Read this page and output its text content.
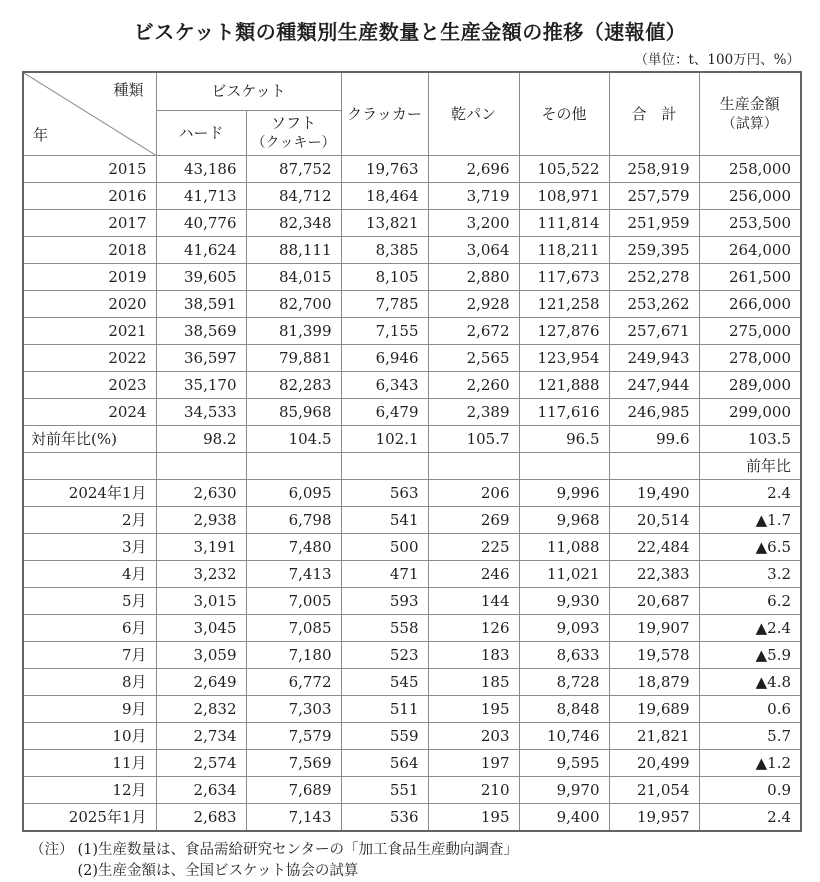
ビスケット類の種類別生産数量と生産金額の推移（速報値）
（単位：t、100万円、%）
種類
年	ビスケット		クラッカー	乾パン	その他	合　計	生産金額
（試算）
	ハード	ソフト
（クッキー）					
2015	43,186	87,752	19,763	2,696	105,522	258,919	258,000
2016	41,713	84,712	18,464	3,719	108,971	257,579	256,000
2017	40,776	82,348	13,821	3,200	111,814	251,959	253,500
2018	41,624	88,111	8,385	3,064	118,211	259,395	264,000
2019	39,605	84,015	8,105	2,880	117,673	252,278	261,500
2020	38,591	82,700	7,785	2,928	121,258	253,262	266,000
2021	38,569	81,399	7,155	2,672	127,876	257,671	275,000
2022	36,597	79,881	6,946	2,565	123,954	249,943	278,000
2023	35,170	82,283	6,343	2,260	121,888	247,944	289,000
2024	34,533	85,968	6,479	2,389	117,616	246,985	299,000
対前年比(%)	98.2	104.5	102.1	105.7	96.5	99.6	103.5
							前年比
2024年1月	2,630	6,095	563	206	9,996	19,490	2.4
2月	2,938	6,798	541	269	9,968	20,514	▲1.7
3月	3,191	7,480	500	225	11,088	22,484	▲6.5
4月	3,232	7,413	471	246	11,021	22,383	3.2
5月	3,015	7,005	593	144	9,930	20,687	6.2
6月	3,045	7,085	558	126	9,093	19,907	▲2.4
7月	3,059	7,180	523	183	8,633	19,578	▲5.9
8月	2,649	6,772	545	185	8,728	18,879	▲4.8
9月	2,832	7,303	511	195	8,848	19,689	0.6
10月	2,734	7,579	559	203	10,746	21,821	5.7
11月	2,574	7,569	564	197	9,595	20,499	▲1.2
12月	2,634	7,689	551	210	9,970	21,054	0.9
2025年1月	2,683	7,143	536	195	9,400	19,957	2.4
（注） (1)生産数量は、食品需給研究センターの「加工食品生産動向調査」
(2)生産金額は、全国ビスケット協会の試算
